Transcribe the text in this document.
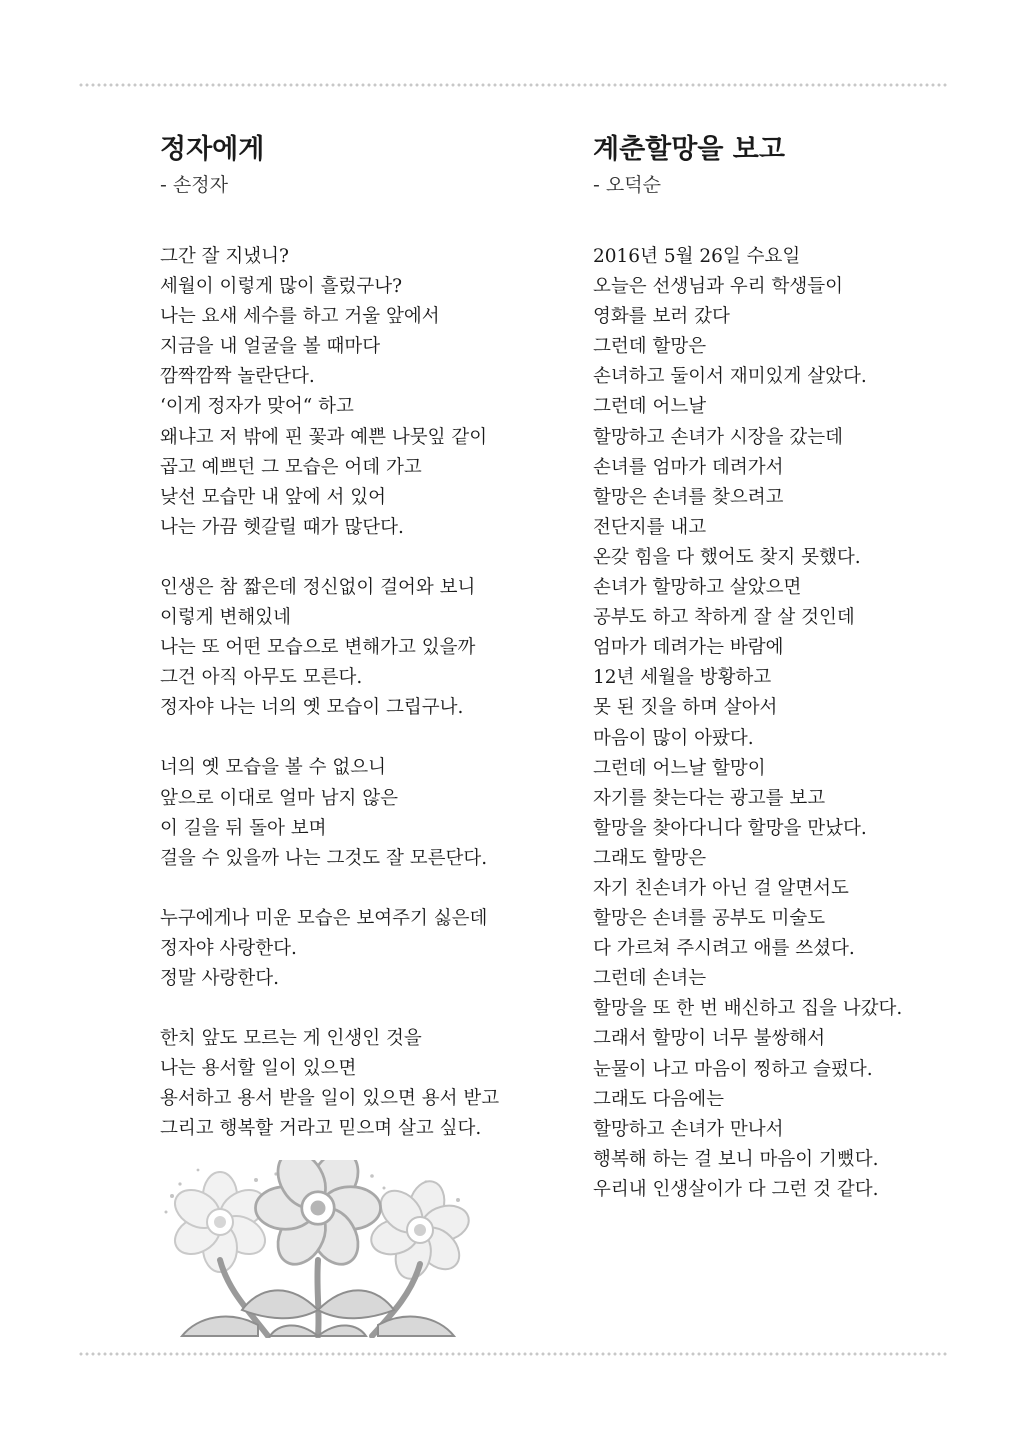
정자에게

- 손정자

그간 잘 지냈니?
세월이 이렇게 많이 흘렀구나?
나는 요새 세수를 하고 거울 앞에서
지금을 내 얼굴을 볼 때마다
깜짝깜짝 놀란단다.
‘이게 정자가 맞어“ 하고
왜냐고 저 밖에 핀 꽃과 예쁜 나뭇잎 같이
곱고 예쁘던 그 모습은 어데 가고
낮선 모습만 내 앞에 서 있어
나는 가끔 헷갈릴 때가 많단다.
인생은 참 짧은데 정신없이 걸어와 보니
이렇게 변해있네
나는 또 어떤 모습으로 변해가고 있을까
그건 아직 아무도 모른다.
정자야 나는 너의 옛 모습이 그립구나.
너의 옛 모습을 볼 수 없으니
앞으로 이대로 얼마 남지 않은
이 길을 뒤 돌아 보며
걸을 수 있을까 나는 그것도 잘 모른단다.
누구에게나 미운 모습은 보여주기 싫은데
정자야 사랑한다.
정말 사랑한다.
한치 앞도 모르는 게 인생인 것을
나는 용서할 일이 있으면
용서하고 용서 받을 일이 있으면 용서 받고
그리고 행복할 거라고 믿으며 살고 싶다.
계춘할망을 보고

- 오덕순

2016년 5월 26일 수요일
오늘은 선생님과 우리 학생들이
영화를 보러 갔다
그런데 할망은
손녀하고 둘이서 재미있게 살았다.
그런데 어느날
할망하고 손녀가 시장을 갔는데
손녀를 엄마가 데려가서
할망은 손녀를 찾으려고
전단지를 내고
온갖 힘을 다 했어도 찾지 못했다.
손녀가 할망하고 살았으면
공부도 하고 착하게 잘 살 것인데
엄마가 데려가는 바람에
12년 세월을 방황하고
못 된 짓을 하며 살아서
마음이 많이 아팠다.
그런데 어느날 할망이
자기를 찾는다는 광고를 보고
할망을 찾아다니다 할망을 만났다.
그래도 할망은
자기 친손녀가 아닌 걸 알면서도
할망은 손녀를 공부도 미술도
다 가르쳐 주시려고 애를 쓰셨다.
그런데 손녀는
할망을 또 한 번 배신하고 집을 나갔다.
그래서 할망이 너무 불쌍해서
눈물이 나고 마음이 찡하고 슬펐다.
그래도 다음에는
할망하고 손녀가 만나서
행복해 하는 걸 보니 마음이 기뻤다.
우리내 인생살이가 다 그런 것 같다.
